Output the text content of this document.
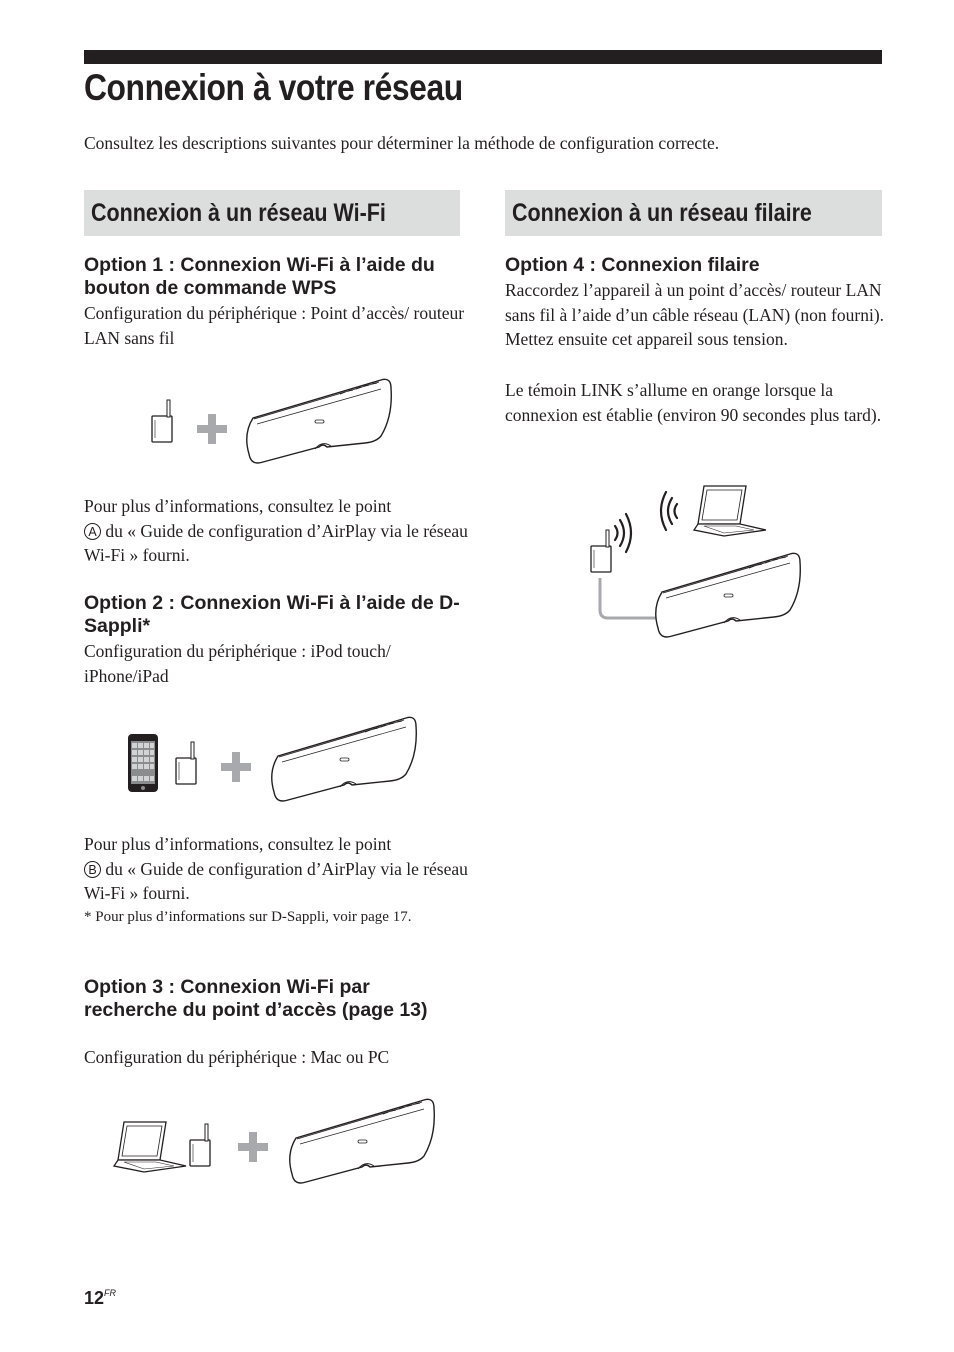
Connexion à votre réseau
Consultez les descriptions suivantes pour déterminer la méthode de configuration correcte.
Connexion à un réseau Wi-Fi	Connexion à un réseau filaire
Option 1 : Connexion Wi-Fi à l’aide du bouton de commande WPS
Configuration du périphérique : Point d’accès/ routeur LAN sans fil
Pour plus d’informations, consultez le point
A du « Guide de configuration d’AirPlay via le réseau Wi-Fi » fourni.
Option 2 : Connexion Wi-Fi à l’aide de D-Sappli*
Configuration du périphérique : iPod touch/ iPhone/iPad
Pour plus d’informations, consultez le point
B du « Guide de configuration d’AirPlay via le réseau Wi-Fi » fourni.
* Pour plus d’informations sur D-Sappli, voir page 17.
Option 3 : Connexion Wi-Fi par recherche du point d’accès (page 13)
Configuration du périphérique : Mac ou PC
Option 4 : Connexion filaire
Raccordez l’appareil à un point d’accès/ routeur LAN sans fil à l’aide d’un câble réseau (LAN) (non fourni). Mettez ensuite cet appareil sous tension.
Le témoin LINK s’allume en orange lorsque la connexion est établie (environ 90 secondes plus tard).
$12^{FR}$
